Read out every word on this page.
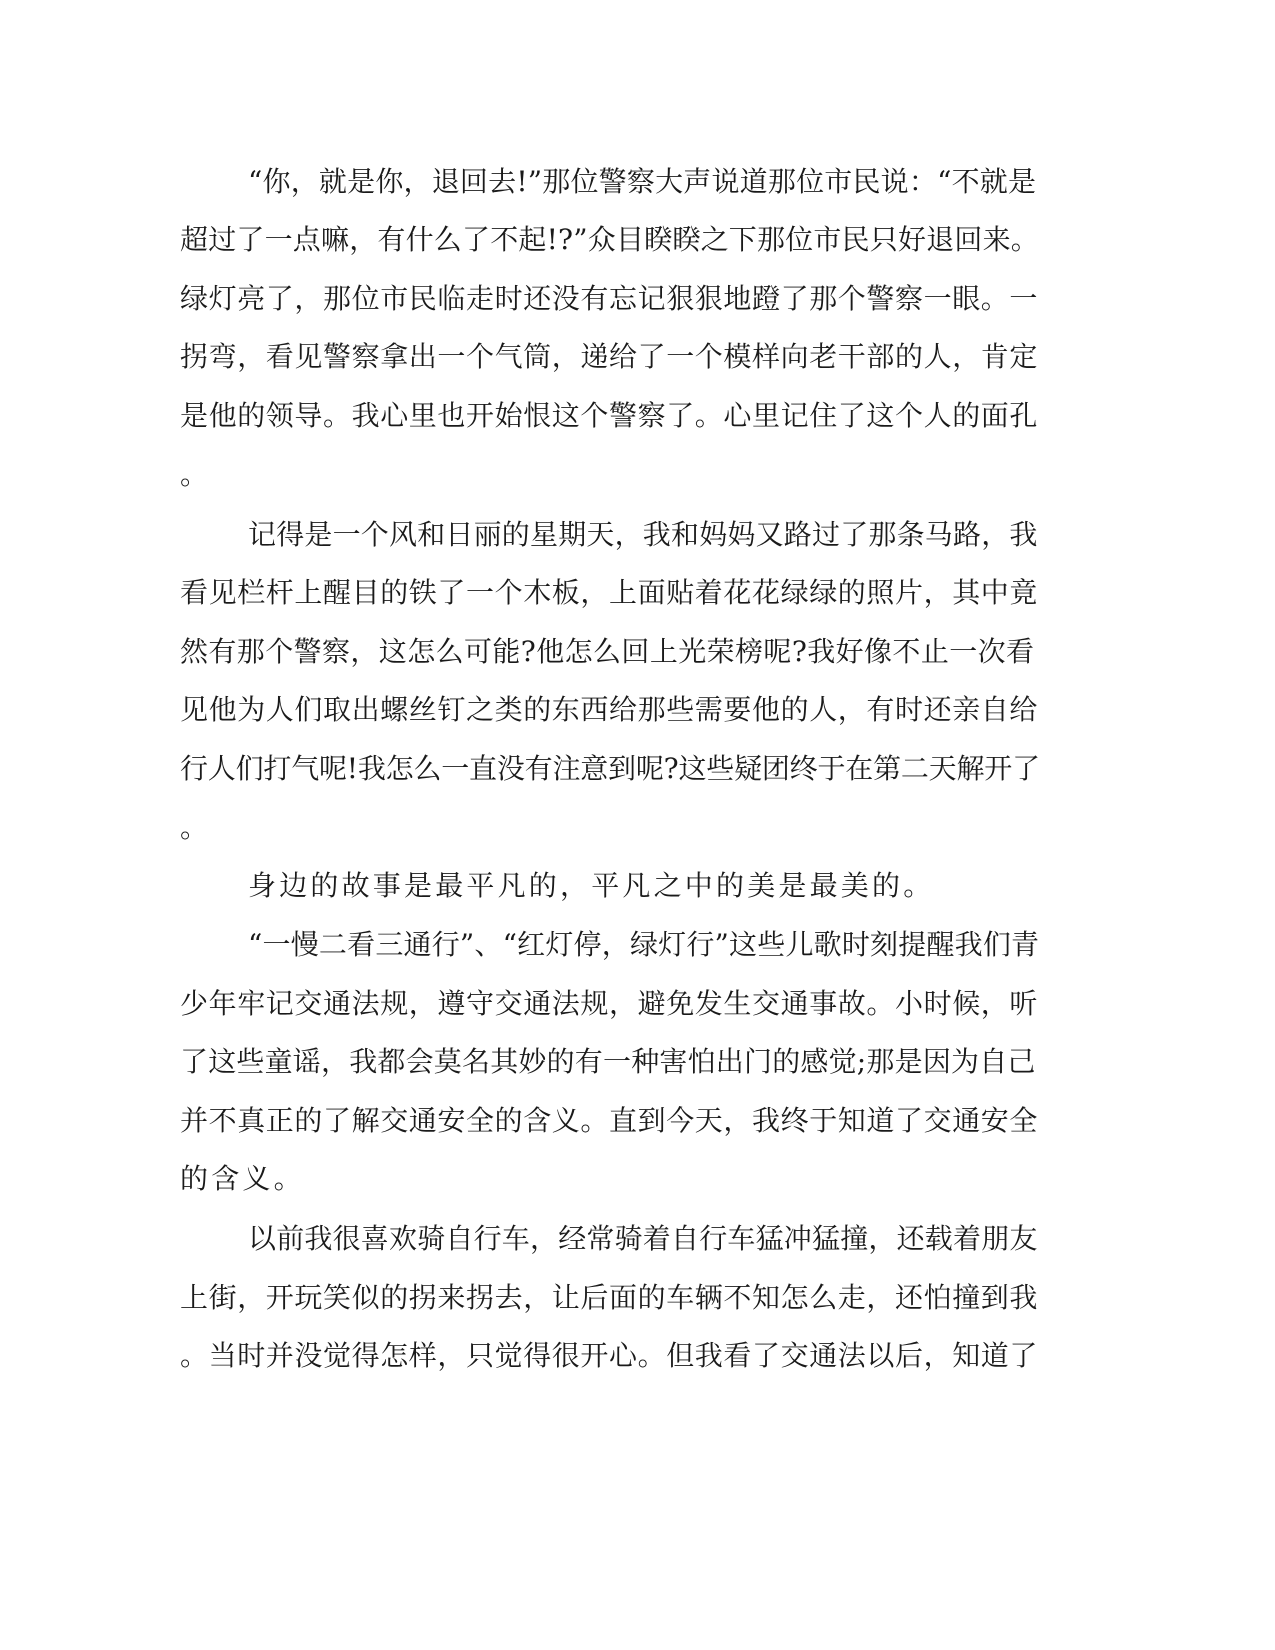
“你，就是你，退回去!”那位警察大声说道那位市民说：“不就是
超过了一点嘛，有什么了不起!?”众目睽睽之下那位市民只好退回来。
绿灯亮了，那位市民临走时还没有忘记狠狠地蹬了那个警察一眼。一
拐弯，看见警察拿出一个气筒，递给了一个模样向老干部的人，肯定
是他的领导。我心里也开始恨这个警察了。心里记住了这个人的面孔
。
记得是一个风和日丽的星期天，我和妈妈又路过了那条马路，我
看见栏杆上醒目的铁了一个木板，上面贴着花花绿绿的照片，其中竟
然有那个警察，这怎么可能?他怎么回上光荣榜呢?我好像不止一次看
见他为人们取出螺丝钉之类的东西给那些需要他的人，有时还亲自给
行人们打气呢!我怎么一直没有注意到呢?这些疑团终于在第二天解开了
。
身边的故事是最平凡的，平凡之中的美是最美的。
“一慢二看三通行”、“红灯停，绿灯行”这些儿歌时刻提醒我们青
少年牢记交通法规，遵守交通法规，避免发生交通事故。小时候，听
了这些童谣，我都会莫名其妙的有一种害怕出门的感觉;那是因为自己
并不真正的了解交通安全的含义。直到今天，我终于知道了交通安全
的含义。
以前我很喜欢骑自行车，经常骑着自行车猛冲猛撞，还载着朋友
上街，开玩笑似的拐来拐去，让后面的车辆不知怎么走，还怕撞到我
。当时并没觉得怎样，只觉得很开心。但我看了交通法以后，知道了
